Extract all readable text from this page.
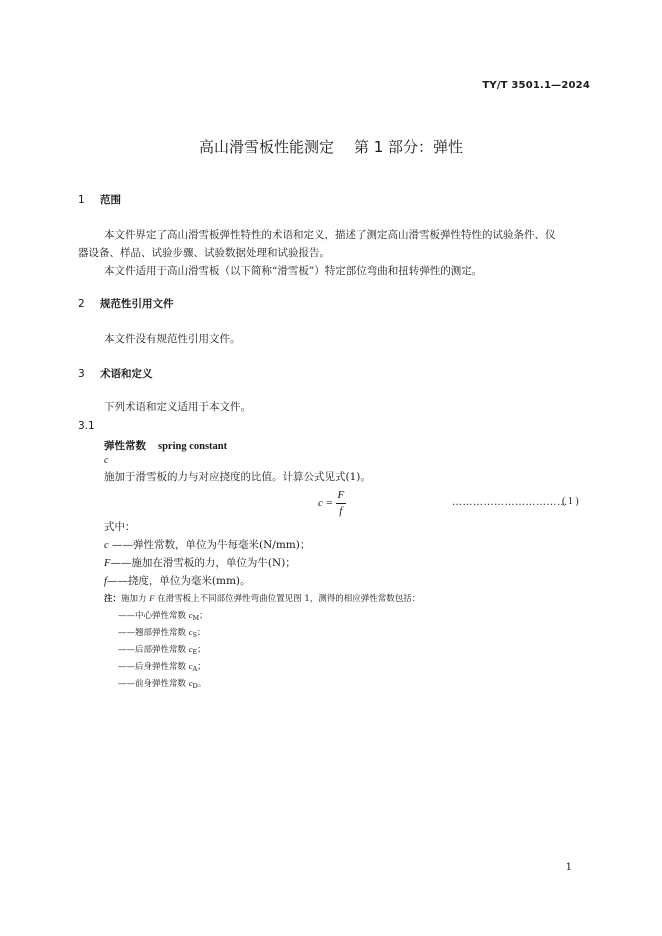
TY/T 3501.1—2024
高山滑雪板性能测定 第 1 部分：弹性
1 范围
本文件界定了高山滑雪板弹性特性的术语和定义，描述了测定高山滑雪板弹性特性的试验条件、仪
器设备、样品、试验步骤、试验数据处理和试验报告。
本文件适用于高山滑雪板（以下简称“滑雪板”）特定部位弯曲和扭转弹性的测定。
2 规范性引用文件
本文件没有规范性引用文件。
3 术语和定义
下列术语和定义适用于本文件。
3.1
弹性常数 spring constant
c
施加于滑雪板的力与对应挠度的比值。计算公式见式(1)。
$c = \frac{F}{f}$	……………………………
( 1 )
式中：
c ——弹性常数，单位为牛每毫米(N/mm)；
F——施加在滑雪板的力，单位为牛(N)；
f——挠度，单位为毫米(mm)。
注：施加力 F 在滑雪板上不同部位弹性弯曲位置见图 1，测得的相应弹性常数包括：
——中心弹性常数 $c_M$；
——翘部弹性常数 $c_S$；
——后部弹性常数 $c_E$；
——后身弹性常数 $c_A$；
——前身弹性常数 $c_D$。
1
